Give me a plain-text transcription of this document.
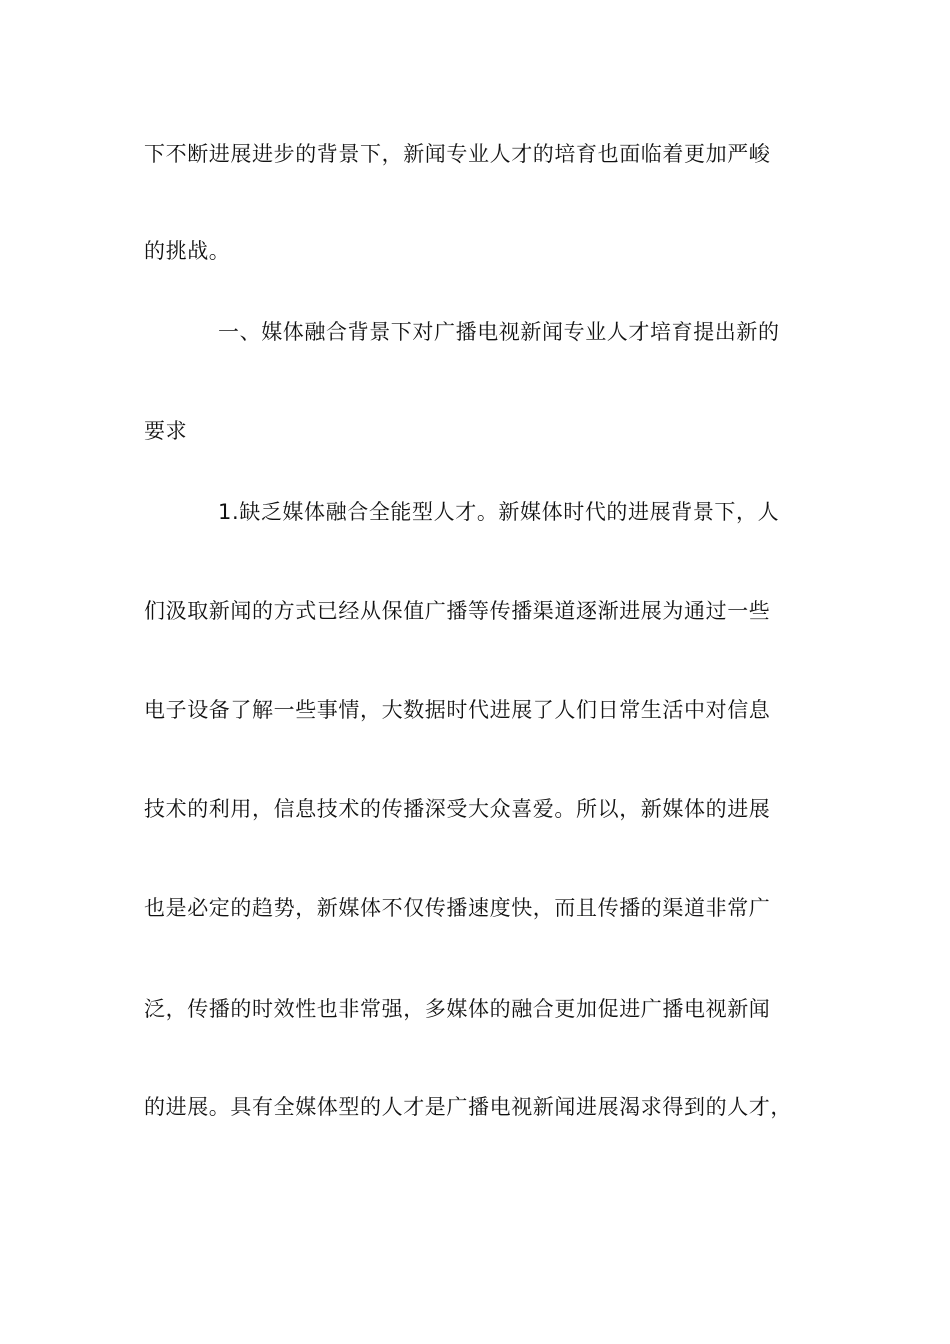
下不断进展进步的背景下，新闻专业人才的培育也面临着更加严峻
的挑战。
一、媒体融合背景下对广播电视新闻专业人才培育提出新的
要求
1.缺乏媒体融合全能型人才。新媒体时代的进展背景下，人
们汲取新闻的方式已经从保值广播等传播渠道逐渐进展为通过一些
电子设备了解一些事情，大数据时代进展了人们日常生活中对信息
技术的利用，信息技术的传播深受大众喜爱。所以，新媒体的进展
也是必定的趋势，新媒体不仅传播速度快，而且传播的渠道非常广
泛，传播的时效性也非常强，多媒体的融合更加促进广播电视新闻
的进展。具有全媒体型的人才是广播电视新闻进展渴求得到的人才，
